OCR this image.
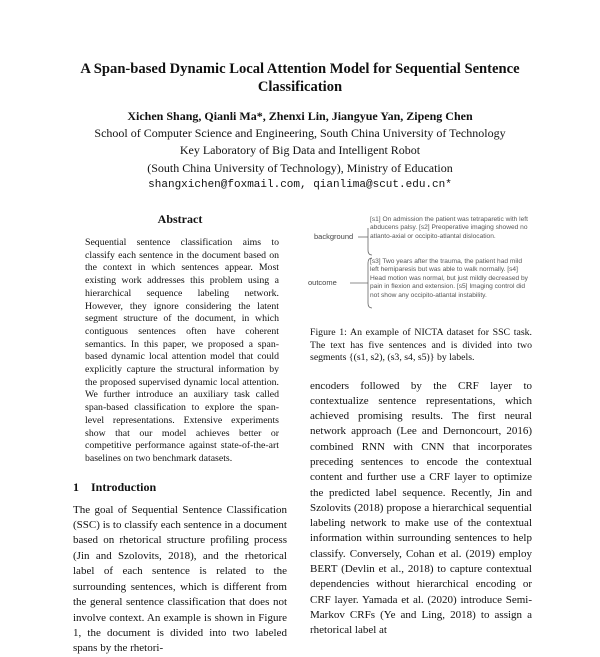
A Span-based Dynamic Local Attention Model for Sequential Sentence Classification
Xichen Shang, Qianli Ma*, Zhenxi Lin, Jiangyue Yan, Zipeng Chen
School of Computer Science and Engineering, South China University of Technology
Key Laboratory of Big Data and Intelligent Robot
(South China University of Technology), Ministry of Education
shangxichen@foxmail.com, qianlima@scut.edu.cn*
Abstract
Sequential sentence classification aims to classify each sentence in the document based on the context in which sentences appear. Most existing work addresses this problem using a hierarchical sequence labeling network. However, they ignore considering the latent segment structure of the document, in which contiguous sentences often have coherent semantics. In this paper, we proposed a span-based dynamic local attention model that could explicitly capture the structural information by the proposed supervised dynamic local attention. We further introduce an auxiliary task called span-based classification to explore the span-level representations. Extensive experiments show that our model achieves better or competitive performance against state-of-the-art baselines on two benchmark datasets.
1 Introduction
The goal of Sequential Sentence Classification (SSC) is to classify each sentence in a document based on rhetorical structure profiling process (Jin and Szolovits, 2018), and the rhetorical label of each sentence is related to the surrounding sentences, which is different from the general sentence classification that does not involve context. An example is shown in Figure 1, the document is divided into two labeled spans by the rhetori-
background
outcome
[s1] On admission the patient was tetraparetic with left abducens palsy. [s2] Preoperative imaging showed no atlanto-axial or occipito-atlantal dislocation.
[s3] Two years after the trauma, the patient had mild left hemiparesis but was able to walk normally. [s4] Head motion was normal, but just mildly decreased by pain in flexion and extension. [s5] Imaging control did not show any occipito-atlantal instability.
Figure 1: An example of NICTA dataset for SSC task. The text has five sentences and is divided into two segments {(s1, s2), (s3, s4, s5)} by labels.
encoders followed by the CRF layer to contextualize sentence representations, which achieved promising results. The first neural network approach (Lee and Dernoncourt, 2016) combined RNN with CNN that incorporates preceding sentences to encode the contextual content and further use a CRF layer to optimize the predicted label sequence. Recently, Jin and Szolovits (2018) propose a hierarchical sequential labeling network to make use of the contextual information within surrounding sentences to help classify. Conversely, Cohan et al. (2019) employ BERT (Devlin et al., 2018) to capture contextual dependencies without hierarchical encoding or CRF layer. Yamada et al. (2020) introduce Semi-Markov CRFs (Ye and Ling, 2018) to assign a rhetorical label at
